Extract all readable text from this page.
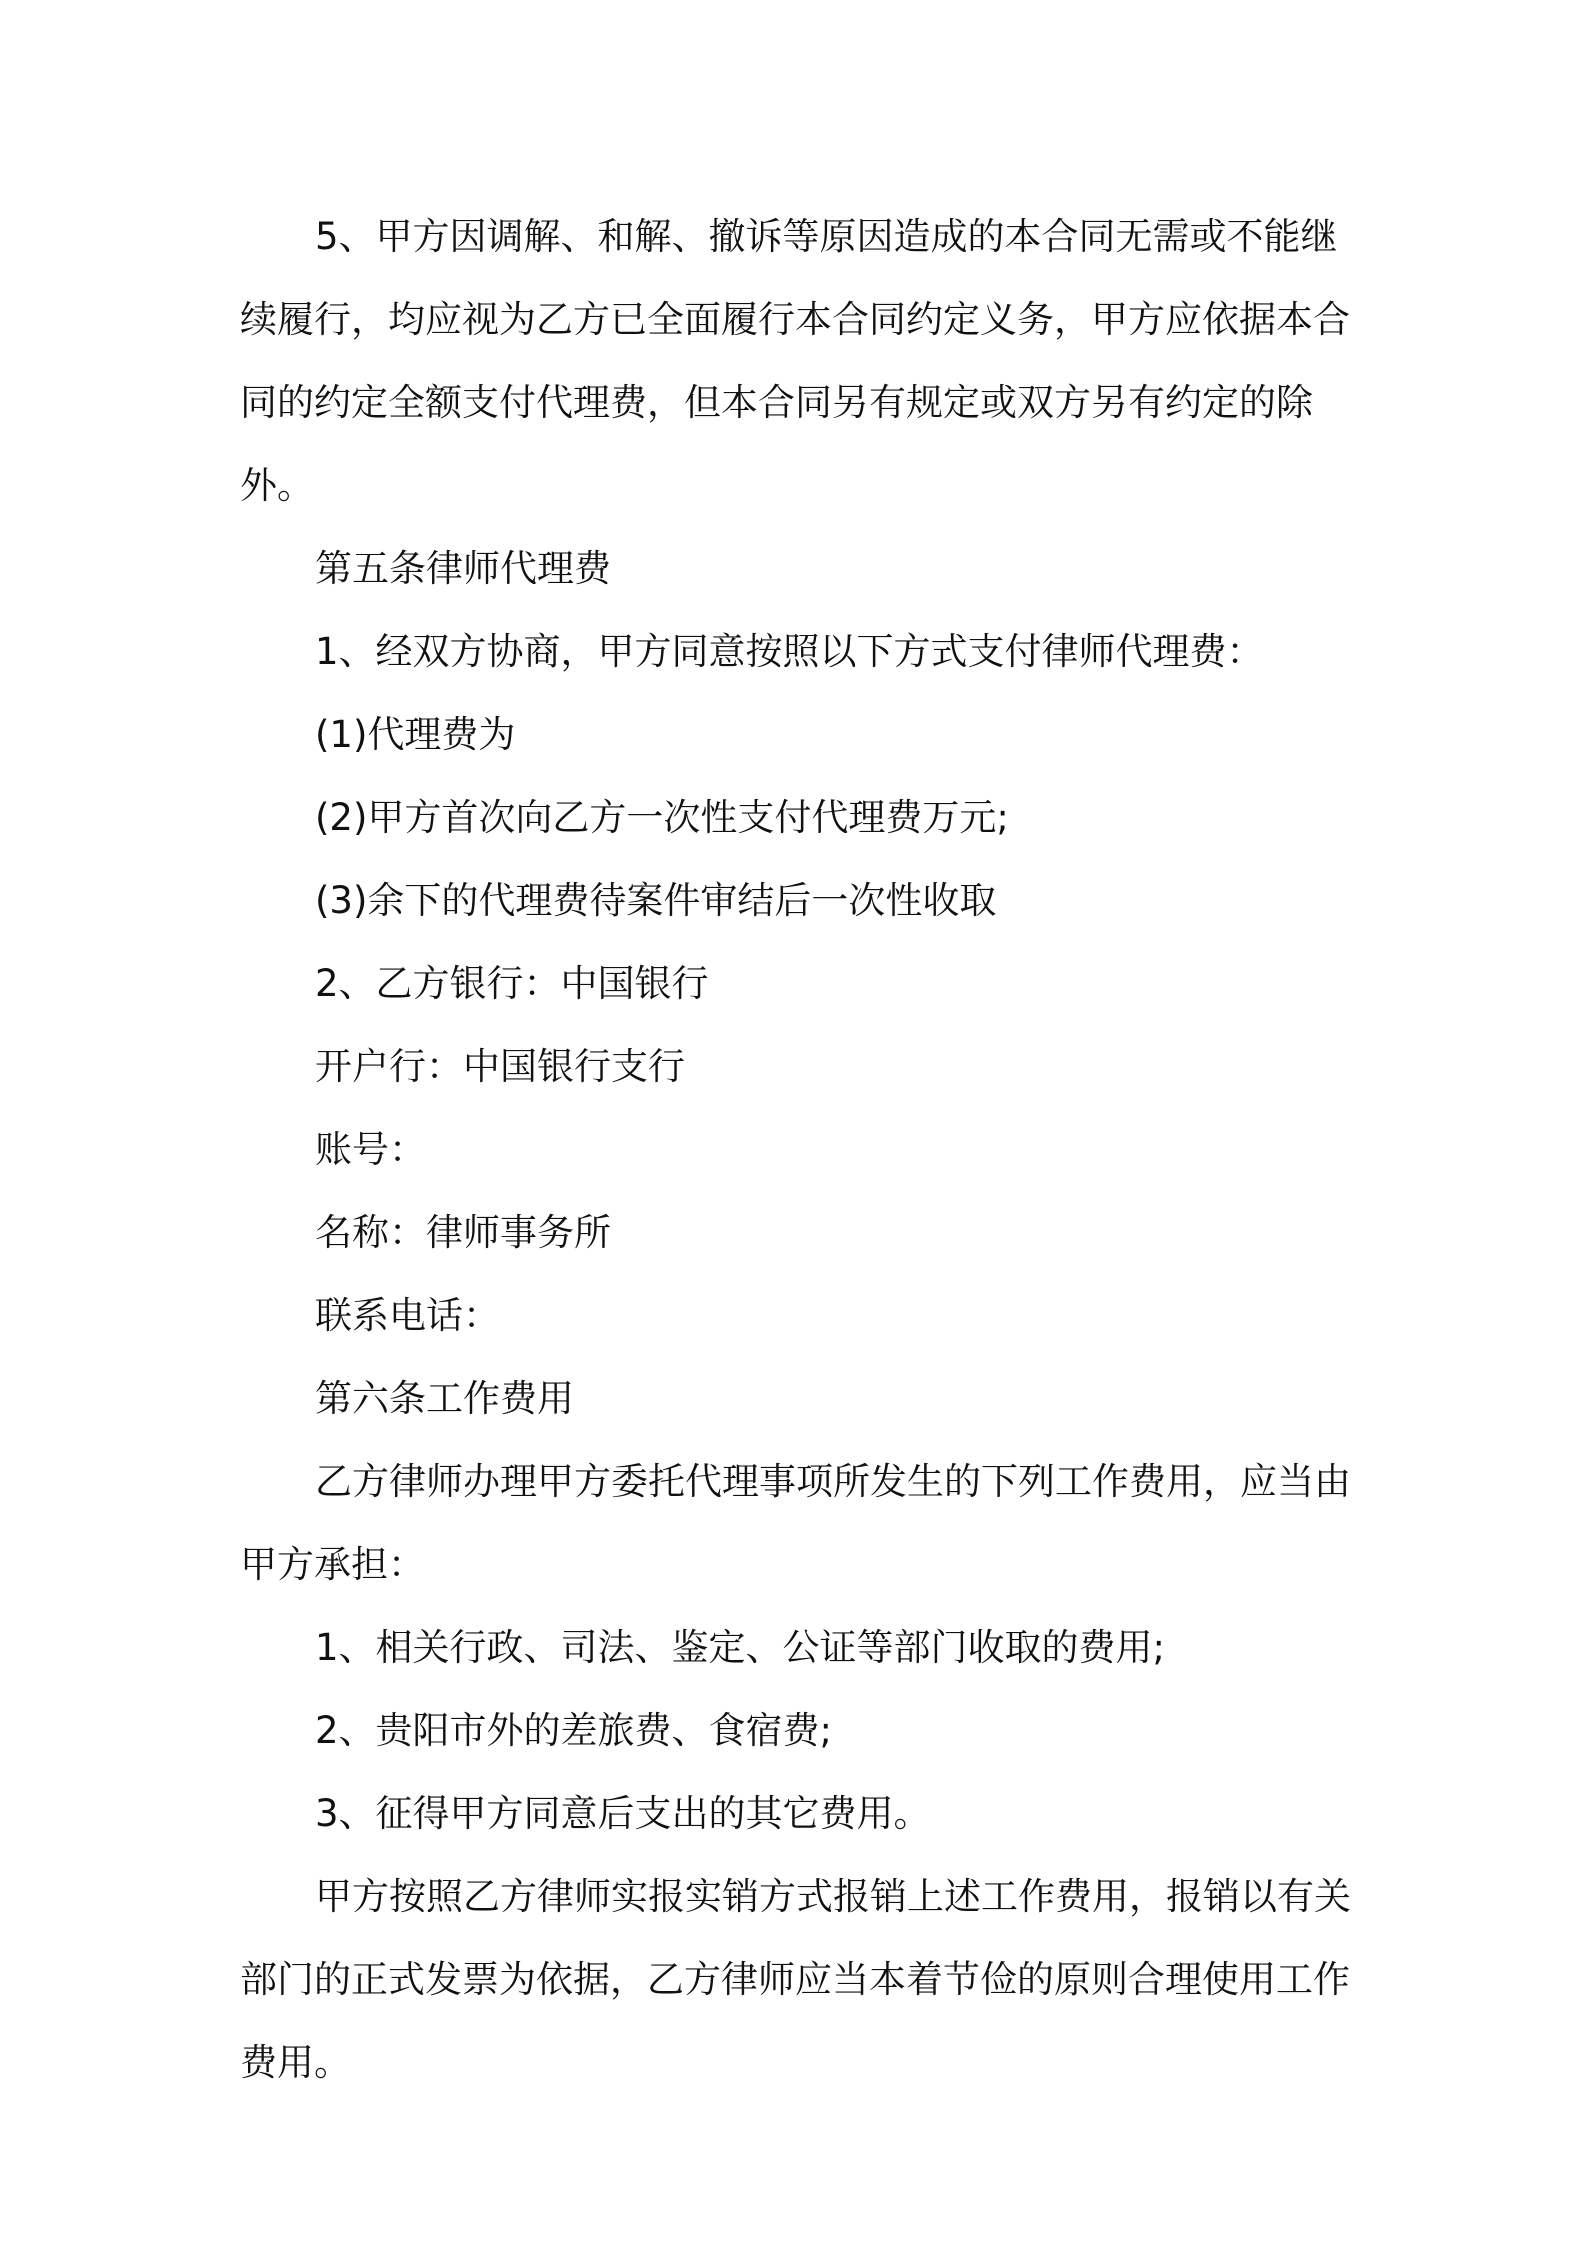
5、甲方因调解、和解、撤诉等原因造成的本合同无需或不能继续履行，均应视为乙方已全面履行本合同约定义务，甲方应依据本合同的约定全额支付代理费，但本合同另有规定或双方另有约定的除外。

第五条律师代理费

1、经双方协商，甲方同意按照以下方式支付律师代理费：

(1)代理费为

(2)甲方首次向乙方一次性支付代理费万元;

(3)余下的代理费待案件审结后一次性收取

2、乙方银行：中国银行

开户行：中国银行支行

账号：

名称：律师事务所

联系电话：

第六条工作费用

乙方律师办理甲方委托代理事项所发生的下列工作费用，应当由甲方承担：

1、相关行政、司法、鉴定、公证等部门收取的费用;

2、贵阳市外的差旅费、食宿费;

3、征得甲方同意后支出的其它费用。

甲方按照乙方律师实报实销方式报销上述工作费用，报销以有关部门的正式发票为依据，乙方律师应当本着节俭的原则合理使用工作费用。
